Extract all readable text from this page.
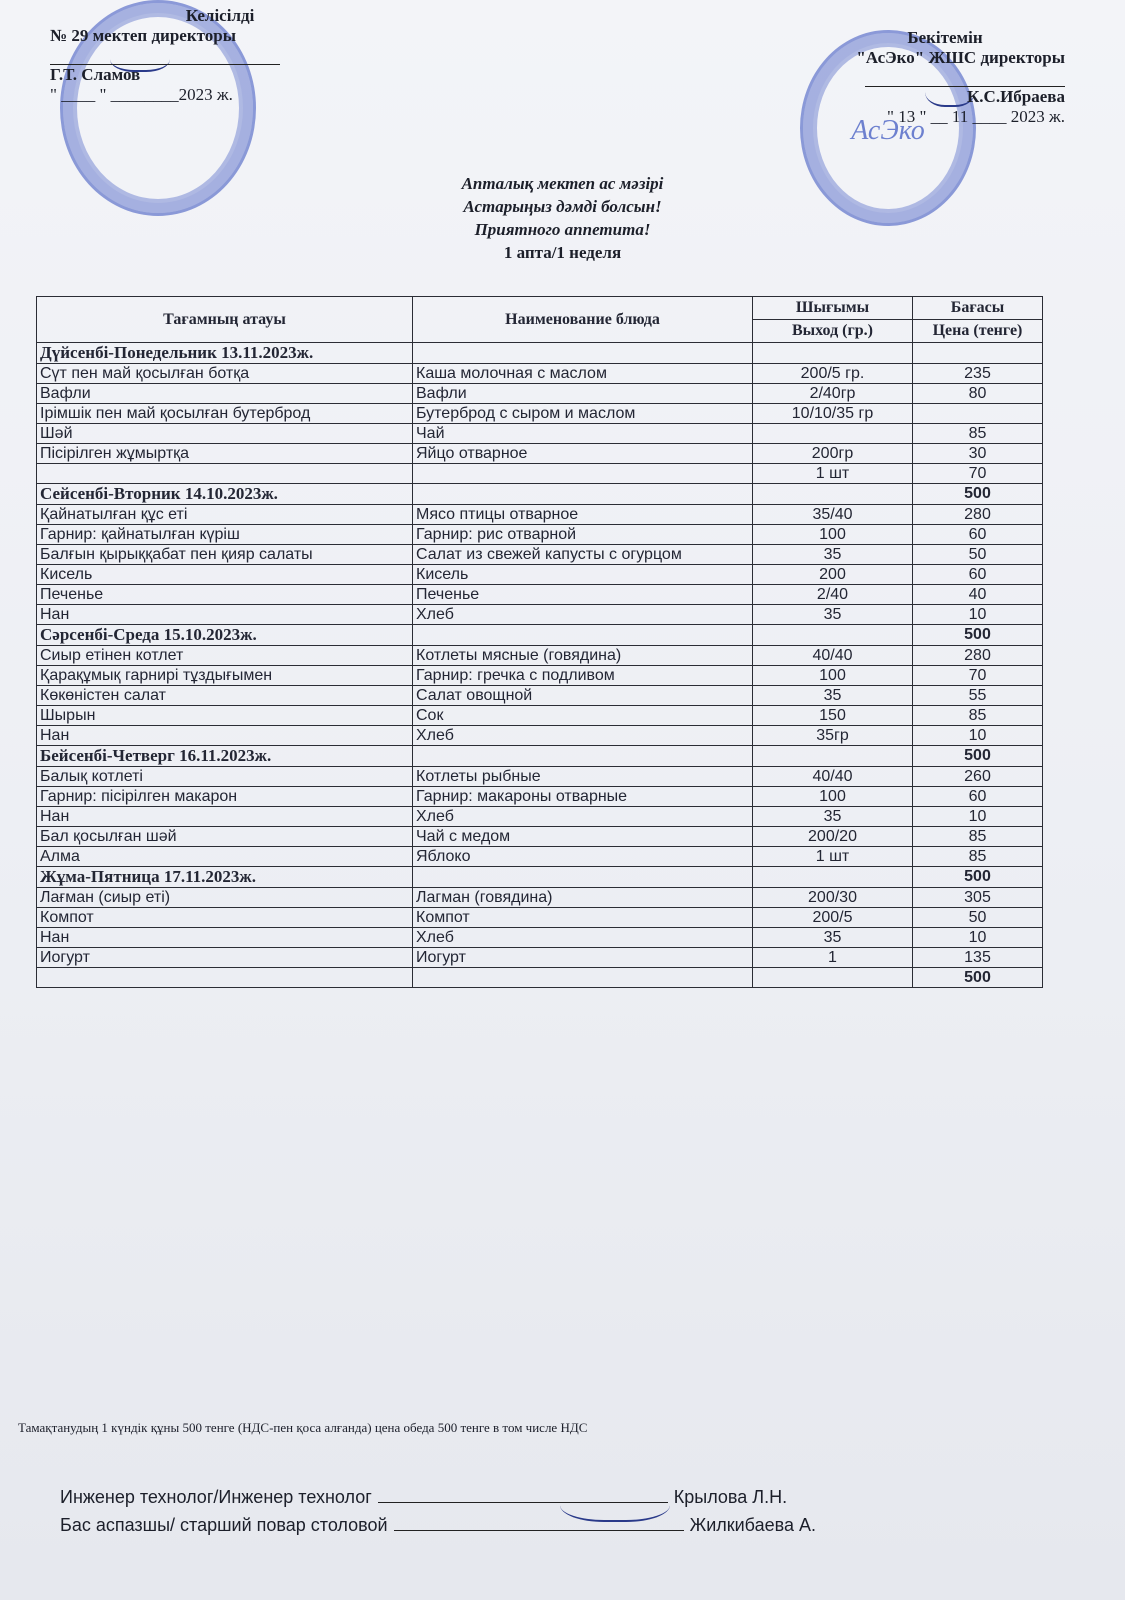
АсЭко
Келісілді
№ 29 мектеп директоры
Г.Т. Сламов
" ____ " ________2023 ж.
Бекітемін
"АсЭко" ЖШС директоры
К.С.Ибраева
" 13 " __ 11 ____ 2023 ж.
Апталық мектеп ас мәзірі
Астарыңыз дәмді болсын!
Приятного аппетита!
1 апта/1 неделя
Тағамның атауы	Наименование блюда	Шығымы	Бағасы
		Выход (гр.)	Цена (тенге)
Дүйсенбі-Понедельник 13.11.2023ж.			
Сүт пен май қосылған ботқа	Каша молочная с маслом	200/5 гр.	235
Вафли	Вафли	2/40гр	80
Ірімшік пен май қосылған бутерброд	Бутерброд с сыром и маслом	10/10/35 гр	
Шәй	Чай		85
Пісірілген жұмыртқа	Яйцо отварное	200гр	30
		1 шт	70
Сейсенбі-Вторник 14.10.2023ж.			500
Қайнатылған құс еті	Мясо птицы отварное	35/40	280
Гарнир: қайнатылған күріш	Гарнир: рис отварной	100	60
Балғын қырыққабат пен қияр салаты	Салат из свежей капусты с огурцом	35	50
Кисель	Кисель	200	60
Печенье	Печенье	2/40	40
Нан	Хлеб	35	10
Сәрсенбі-Среда 15.10.2023ж.			500
Сиыр етінен котлет	Котлеты мясные (говядина)	40/40	280
Қарақұмық гарнирі тұздығымен	Гарнир: гречка с подливом	100	70
Көкөністен салат	Салат овощной	35	55
Шырын	Сок	150	85
Нан	Хлеб	35гр	10
Бейсенбі-Четверг 16.11.2023ж.			500
Балық котлеті	Котлеты рыбные	40/40	260
Гарнир: пісірілген макарон	Гарнир: макароны отварные	100	60
Нан	Хлеб	35	10
Бал қосылған шәй	Чай с медом	200/20	85
Алма	Яблоко	1 шт	85
Жұма-Пятница 17.11.2023ж.			500
Лағман (сиыр еті)	Лагман (говядина)	200/30	305
Компот	Компот	200/5	50
Нан	Хлеб	35	10
Иогурт	Иогурт	1	135
			500
Тамақтанудың 1 күндік құны 500 тенге (НДС-пен қоса алғанда) цена обеда 500 тенге в том числе НДС
Инженер технолог/Инженер технолог	Крылова Л.Н.
Бас аспазшы/ старший повар столовой	Жилкибаева А.
